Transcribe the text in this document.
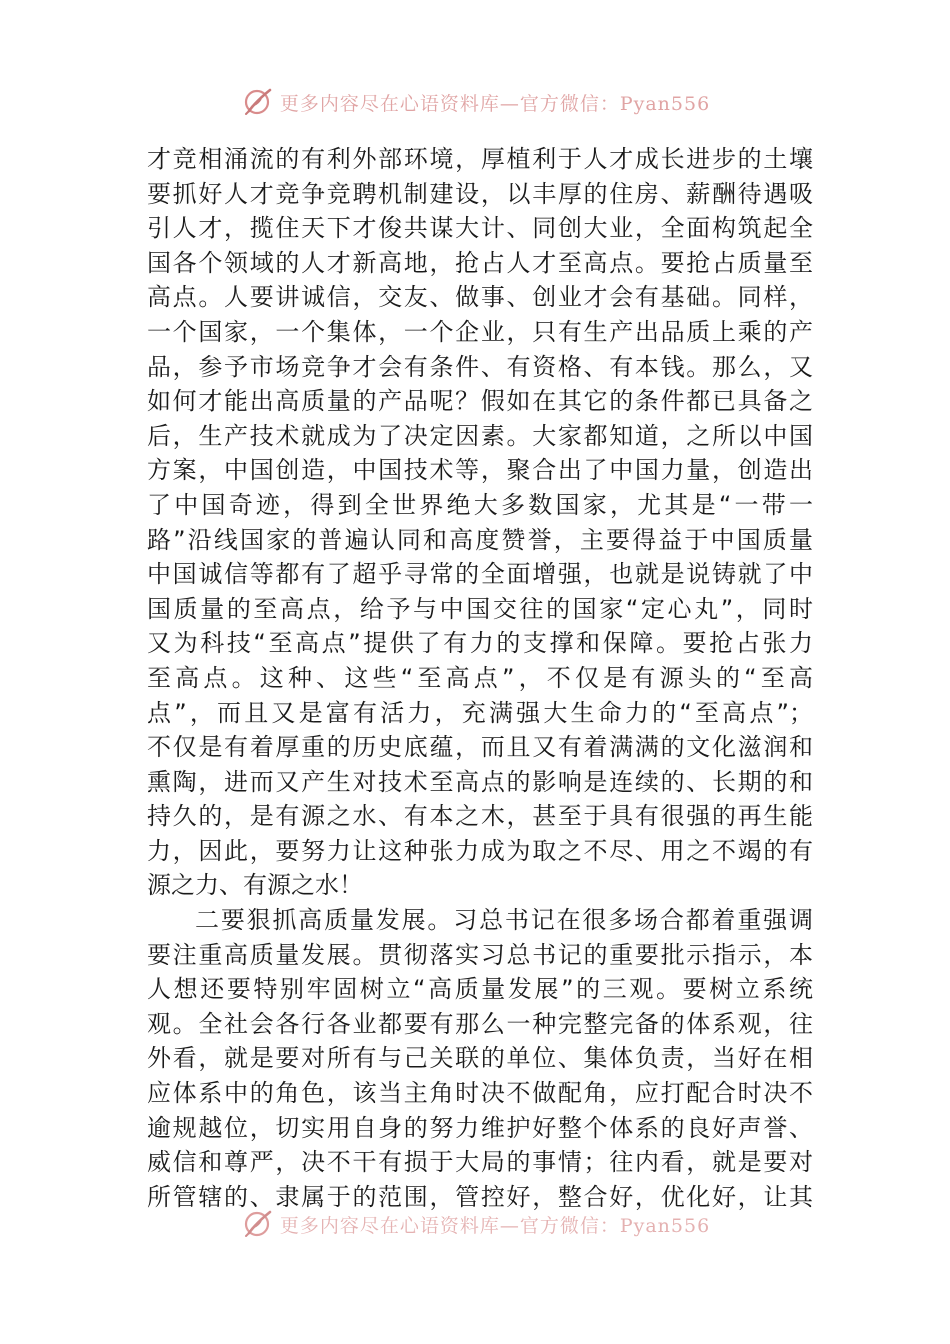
更多内容尽在心语资料库—官方微信：Pyan556
才竞相涌流的有利外部环境，厚植利于人才成长进步的土壤
要抓好人才竞争竞聘机制建设，以丰厚的住房、薪酬待遇吸
引人才，揽住天下才俊共谋大计、同创大业，全面构筑起全
国各个领域的人才新高地，抢占人才至高点。要抢占质量至
高点。人要讲诚信，交友、做事、创业才会有基础。同样，
一个国家，一个集体，一个企业，只有生产出品质上乘的产
品，参予市场竞争才会有条件、有资格、有本钱。那么，又
如何才能出高质量的产品呢？假如在其它的条件都已具备之
后，生产技术就成为了决定因素。大家都知道，之所以中国
方案，中国创造，中国技术等，聚合出了中国力量，创造出
了中国奇迹，得到全世界绝大多数国家，尤其是“一带一
路”沿线国家的普遍认同和高度赞誉，主要得益于中国质量
中国诚信等都有了超乎寻常的全面增强，也就是说铸就了中
国质量的至高点，给予与中国交往的国家“定心丸”，同时
又为科技“至高点”提供了有力的支撑和保障。要抢占张力
至高点。这种、这些“至高点”，不仅是有源头的“至高
点”，而且又是富有活力，充满强大生命力的“至高点”；
不仅是有着厚重的历史底蕴，而且又有着满满的文化滋润和
熏陶，进而又产生对技术至高点的影响是连续的、长期的和
持久的，是有源之水、有本之木，甚至于具有很强的再生能
力，因此，要努力让这种张力成为取之不尽、用之不竭的有
源之力、有源之水！
二要狠抓高质量发展。习总书记在很多场合都着重强调
要注重高质量发展。贯彻落实习总书记的重要批示指示，本
人想还要特别牢固树立“高质量发展”的三观。要树立系统
观。全社会各行各业都要有那么一种完整完备的体系观，往
外看，就是要对所有与己关联的单位、集体负责，当好在相
应体系中的角色，该当主角时决不做配角，应打配合时决不
逾规越位，切实用自身的努力维护好整个体系的良好声誉、
威信和尊严，决不干有损于大局的事情；往内看，就是要对
所管辖的、隶属于的范围，管控好，整合好，优化好，让其
更多内容尽在心语资料库—官方微信：Pyan556
